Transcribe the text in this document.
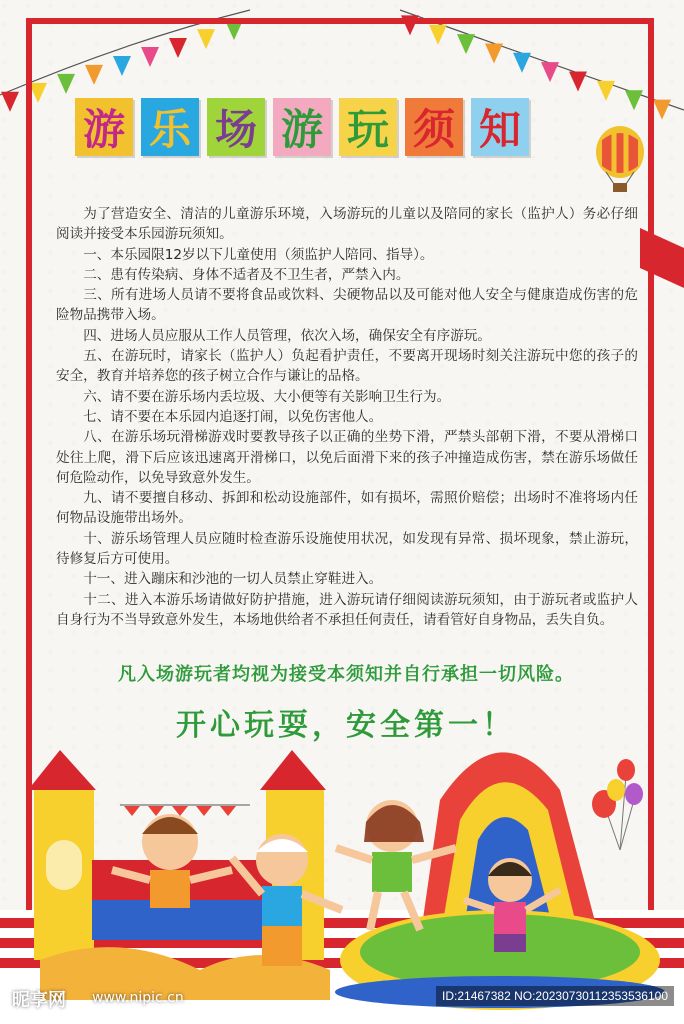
游 乐 场 游 玩 须 知

为了营造安全、清洁的儿童游乐环境，入场游玩的儿童以及陪同的家长（监护人）务必仔细阅读并接受本乐园游玩须知。

一、本乐园限12岁以下儿童使用（须监护人陪同、指导）。

二、患有传染病、身体不适者及不卫生者，严禁入内。

三、所有进场人员请不要将食品或饮料、尖硬物品以及可能对他人安全与健康造成伤害的危险物品携带入场。

四、进场人员应服从工作人员管理，依次入场，确保安全有序游玩。

五、在游玩时，请家长（监护人）负起看护责任，不要离开现场时刻关注游玩中您的孩子的安全，教育并培养您的孩子树立合作与谦让的品格。

六、请不要在游乐场内丢垃圾、大小便等有关影响卫生行为。

七、请不要在本乐园内追逐打闹，以免伤害他人。

八、在游乐场玩滑梯游戏时要教导孩子以正确的坐势下滑，严禁头部朝下滑，不要从滑梯口处往上爬，滑下后应该迅速离开滑梯口，以免后面滑下来的孩子冲撞造成伤害，禁在游乐场做任何危险动作，以免导致意外发生。

九、请不要擅自移动、拆卸和松动设施部件，如有损坏，需照价赔偿；出场时不准将场内任何物品设施带出场外。

十、游乐场管理人员应随时检查游乐设施使用状况，如发现有异常、损坏现象，禁止游玩，待修复后方可使用。

十一、进入蹦床和沙池的一切人员禁止穿鞋进入。

十二、进入本游乐场请做好防护措施，进入游玩请仔细阅读游玩须知，由于游玩者或监护人自身行为不当导致意外发生，本场地供给者不承担任何责任，请看管好自身物品，丢失自负。

凡入场游玩者均视为接受本须知并自行承担一切风险。
开心玩耍，安全第一！
昵享网 www.nipic.cn	ID:21467382 NO:20230730112353536100
